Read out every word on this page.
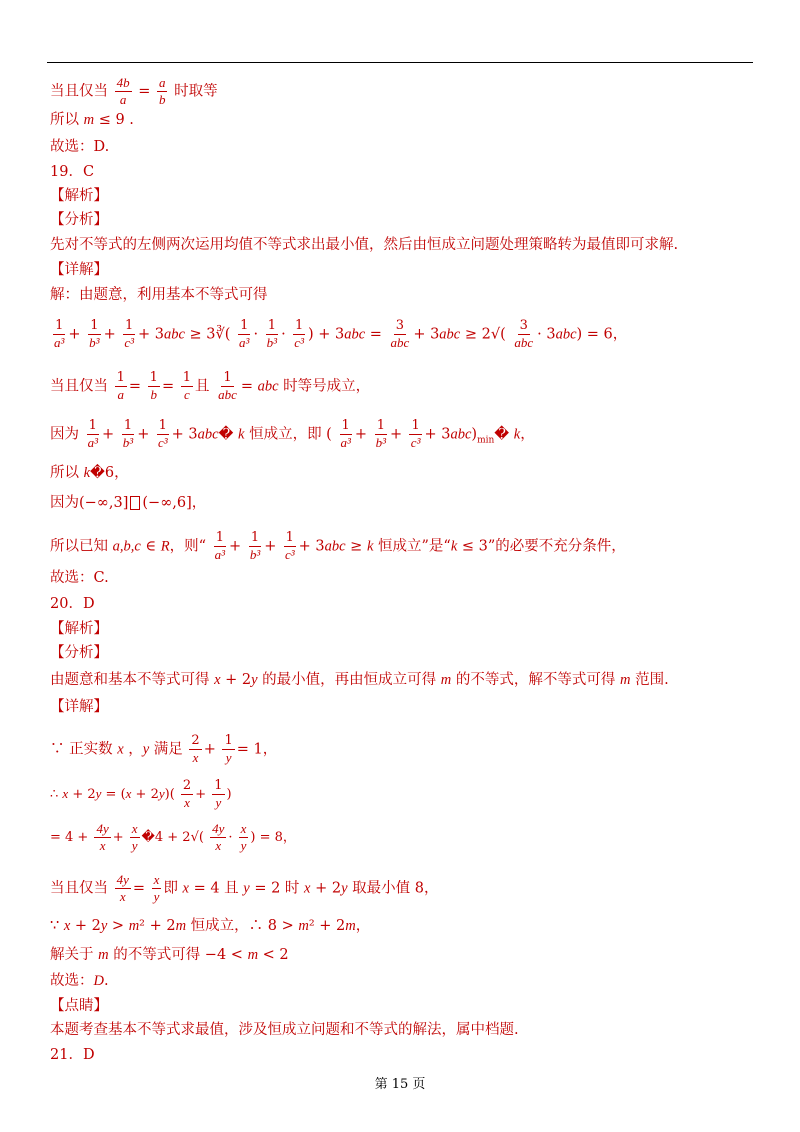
当且仅当 $\frac{4b}{a} = \frac{a}{b}$ 时取等
所以 m ≤ 9 .
故选：D.
19．C
【解析】
【分析】
先对不等式的左侧两次运用均值不等式求出最小值，然后由恒成立问题处理策略转为最值即可求解.
【详解】
解：由题意，利用基本不等式可得
$\frac{1}{\text{a³}} + \frac{1}{\text{b³}} + \frac{1}{\text{c³}} + 3abc$ ≥ 3∛( $\frac{1}{\text{a³}} \cdot \frac{1}{\text{b³}} \cdot \frac{1}{\text{c³}}$ ) + $3abc = \frac{3}{\text{abc}} + 3abc \ge 2√( \frac{3}{\text{abc}} \cdot 3abc) = 6$，
当且仅当 $\frac{1}{a} = \frac{1}{b} = \frac{1}{c}$ 且 $\frac{1}{\text{abc}}$ = abc 时等号成立，
因为 $\frac{1}{\text{a³}} + \frac{1}{\text{b³}} + \frac{1}{\text{c³}}$ + 3abc� k 恒成立，即 ( $\frac{1}{\text{a³}} + \frac{1}{\text{b³}} + \frac{1}{\text{c³}}$ + $3abc)_{min}�$ k，
所以 k�6，
因为(−∞,3] (−∞,6]，
所以已知 a,b,c ∈ R，则“ $\frac{1}{\text{a³}} + \frac{1}{\text{b³}} + \frac{1}{\text{c³}} + 3abc \ge k$ 恒成立”是“k ≤ 3”的必要不充分条件，
故选：C.
20．D
【解析】
【分析】
由题意和基本不等式可得 x + 2y 的最小值，再由恒成立可得 m 的不等式，解不等式可得 m 范围.
【详解】
∵ 正实数 x ，y 满足 $\frac{2}{x} + \frac{1}{y} = 1$，
∴ $x + 2y = (x + 2y)( \frac{2}{x} + \frac{1}{y}$ )
= $4 + \frac{4y}{x} + \frac{x}{y}$ �4 + $2√( \frac{4y}{x} \cdot \frac{x}{y}$ ) = 8，
当且仅当 $\frac{4y}{x} = \frac{x}{y}$ 即 x = 4 且 y = 2 时 x + 2y 取最小值 8，
∵ x + 2y > m² + 2m 恒成立，∴ 8 > m² + 2m，
解关于 m 的不等式可得 −4 < m < 2
故选：D.
【点睛】
本题考查基本不等式求最值，涉及恒成立问题和不等式的解法，属中档题.
21．D
第 15 页
